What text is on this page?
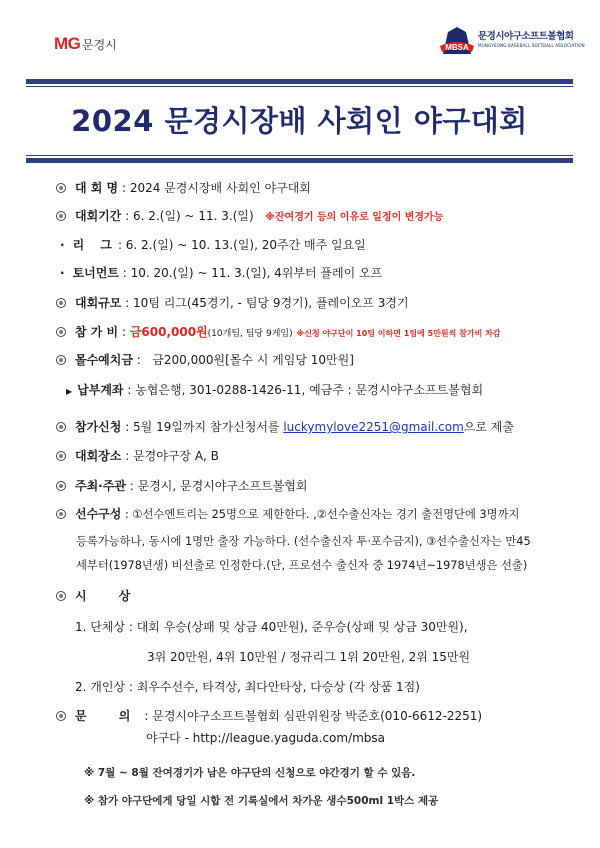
MG 문경시	MBSA
문경시야구소프트볼협회
MUNGYEONG BASEBALL SOFTBALL ASSOCIATION
2024 문경시장배 사회인 야구대회
대 회 명 : 2024 문경시장배 사회인 야구대회
대회기간 : 6. 2.(일) ~ 11. 3.(일) ※잔여경기 등의 이유로 일정이 변경가능
· 리 그: 6. 2.(일) ~ 10. 13.(일), 20주간 매주 일요일
· 토너먼트 : 10. 20.(일) ~ 11. 3.(일), 4위부터 플레이 오프
대회규모 : 10팀 리그(45경기, - 팀당 9경기), 플레이오프 3경기
참 가 비 : 금600,000원(10개팀, 팀당 9게임) ※신청 야구단이 10팀 이하면 1팀에 5만원씩 참가비 차감
몰수예치금 :   금200,000원[몰수 시 게임당 10만원]
▶ 납부계좌 : 농협은행, 301-0288-1426-11, 예금주 : 문경시야구소프트볼협회
참가신청 : 5월 19일까지 참가신청서를 luckymylove2251@gmail.com으로 제출
대회장소 : 문경야구장 A, B
주최·주관 : 문경시, 문경시야구소프트볼협회
선수구성 : ①선수엔트리는 25명으로 제한한다. ,②선수출신자는 경기 출전명단에 3명까지
등록가능하나, 동시에 1명만 출장 가능하다. (선수출신자 투·포수금지), ③선수출신자는 만45
세부터(1978년생) 비선출로 인정한다.(단, 프로선수 출신자 중 1974년~1978년생은 선출)
시 상
1. 단체상 : 대회 우승(상패 및 상금 40만원), 준우승(상패 및 상금 30만원),
3위 20만원, 4위 10만원 / 정규리그 1위 20만원, 2위 15만원
2. 개인상 : 최우수선수, 타격상, 최다안타상, 다승상 (각 상품 1점)
문 의: 문경시야구소프트볼협회 심판위원장 박준호(010-6612-2251)
야구다 - http://league.yaguda.com/mbsa
※ 7월 ~ 8월 잔여경기가 남은 야구단의 신청으로 야간경기 할 수 있음.
※ 참가 야구단에게 당일 시합 전 기록실에서 차가운 생수500ml 1박스 제공
